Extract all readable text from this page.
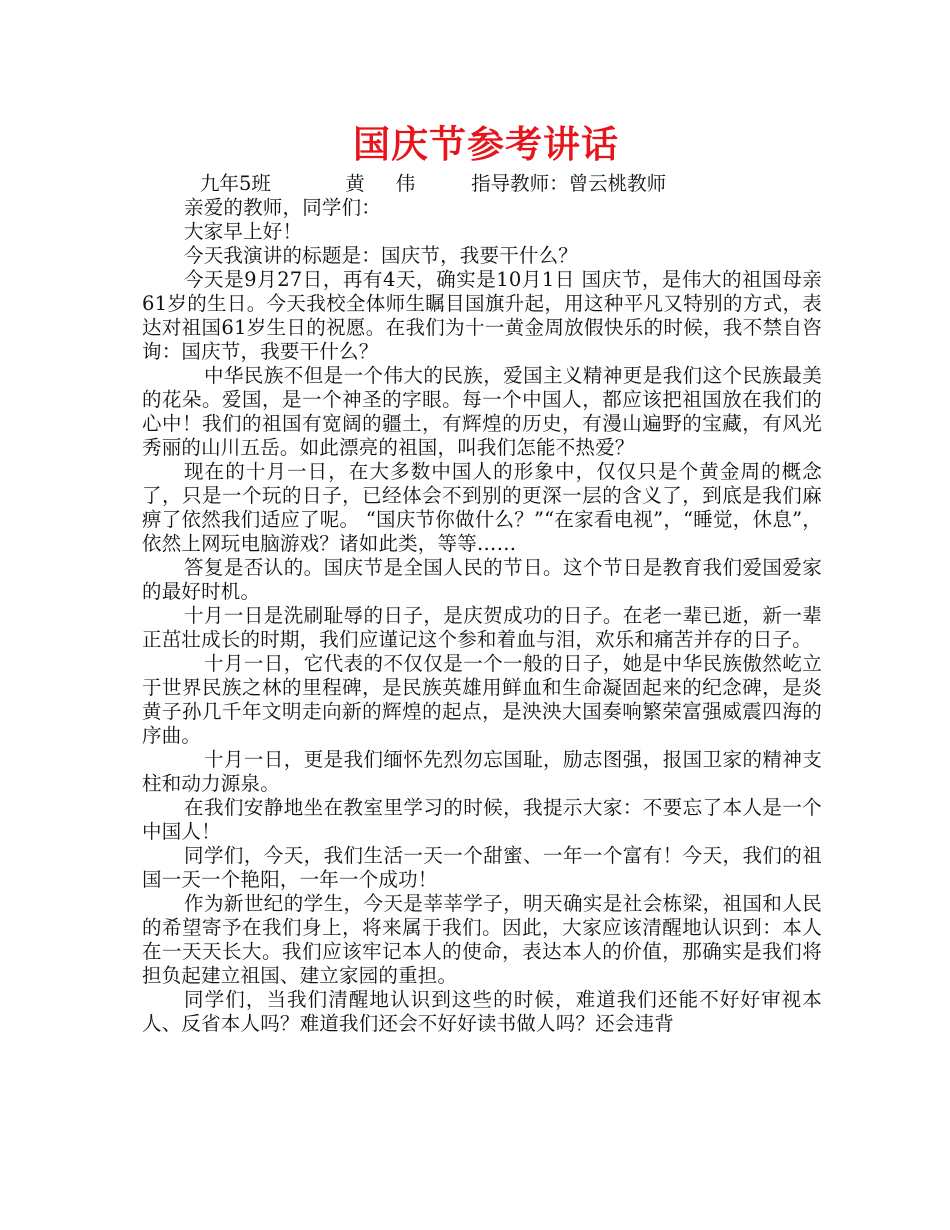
国庆节参考讲话

九年5班            黄     伟         指导教师：曾云桃教师

亲爱的教师，同学们：

大家早上好！

今天我演讲的标题是：国庆节，我要干什么？

今天是9月27日，再有4天，确实是10月1日 国庆节，是伟大的祖国母亲61岁的生日。今天我校全体师生瞩目国旗升起，用这种平凡又特别的方式，表达对祖国61岁生日的祝愿。在我们为十一黄金周放假快乐的时候，我不禁自咨询：国庆节，我要干什么？

中华民族不但是一个伟大的民族，爱国主义精神更是我们这个民族最美的花朵。爱国，是一个神圣的字眼。每一个中国人，都应该把祖国放在我们的心中！我们的祖国有宽阔的疆土，有辉煌的历史，有漫山遍野的宝藏，有风光秀丽的山川五岳。如此漂亮的祖国，叫我们怎能不热爱？

现在的十月一日，在大多数中国人的形象中，仅仅只是个黄金周的概念了，只是一个玩的日子，已经体会不到别的更深一层的含义了，到底是我们麻痹了依然我们适应了呢。 “国庆节你做什么？”“在家看电视”，“睡觉，休息”，依然上网玩电脑游戏？诸如此类，等等……

答复是否认的。国庆节是全国人民的节日。这个节日是教育我们爱国爱家的最好时机。

十月一日是洗刷耻辱的日子，是庆贺成功的日子。在老一辈已逝，新一辈正茁壮成长的时期，我们应谨记这个参和着血与泪，欢乐和痛苦并存的日子。

十月一日，它代表的不仅仅是一个一般的日子，她是中华民族傲然屹立于世界民族之林的里程碑，是民族英雄用鲜血和生命凝固起来的纪念碑，是炎黄子孙几千年文明走向新的辉煌的起点，是泱泱大国奏响繁荣富强威震四海的序曲。

十月一日，更是我们缅怀先烈勿忘国耻，励志图强，报国卫家的精神支柱和动力源泉。

在我们安静地坐在教室里学习的时候，我提示大家：不要忘了本人是一个中国人！

同学们，今天，我们生活一天一个甜蜜、一年一个富有！今天，我们的祖国一天一个艳阳，一年一个成功！

作为新世纪的学生，今天是莘莘学子，明天确实是社会栋梁，祖国和人民的希望寄予在我们身上，将来属于我们。因此，大家应该清醒地认识到：本人在一天天长大。我们应该牢记本人的使命，表达本人的价值，那确实是我们将担负起建立祖国、建立家园的重担。

同学们，当我们清醒地认识到这些的时候，难道我们还能不好好审视本人、反省本人吗？难道我们还会不好好读书做人吗？还会违背
